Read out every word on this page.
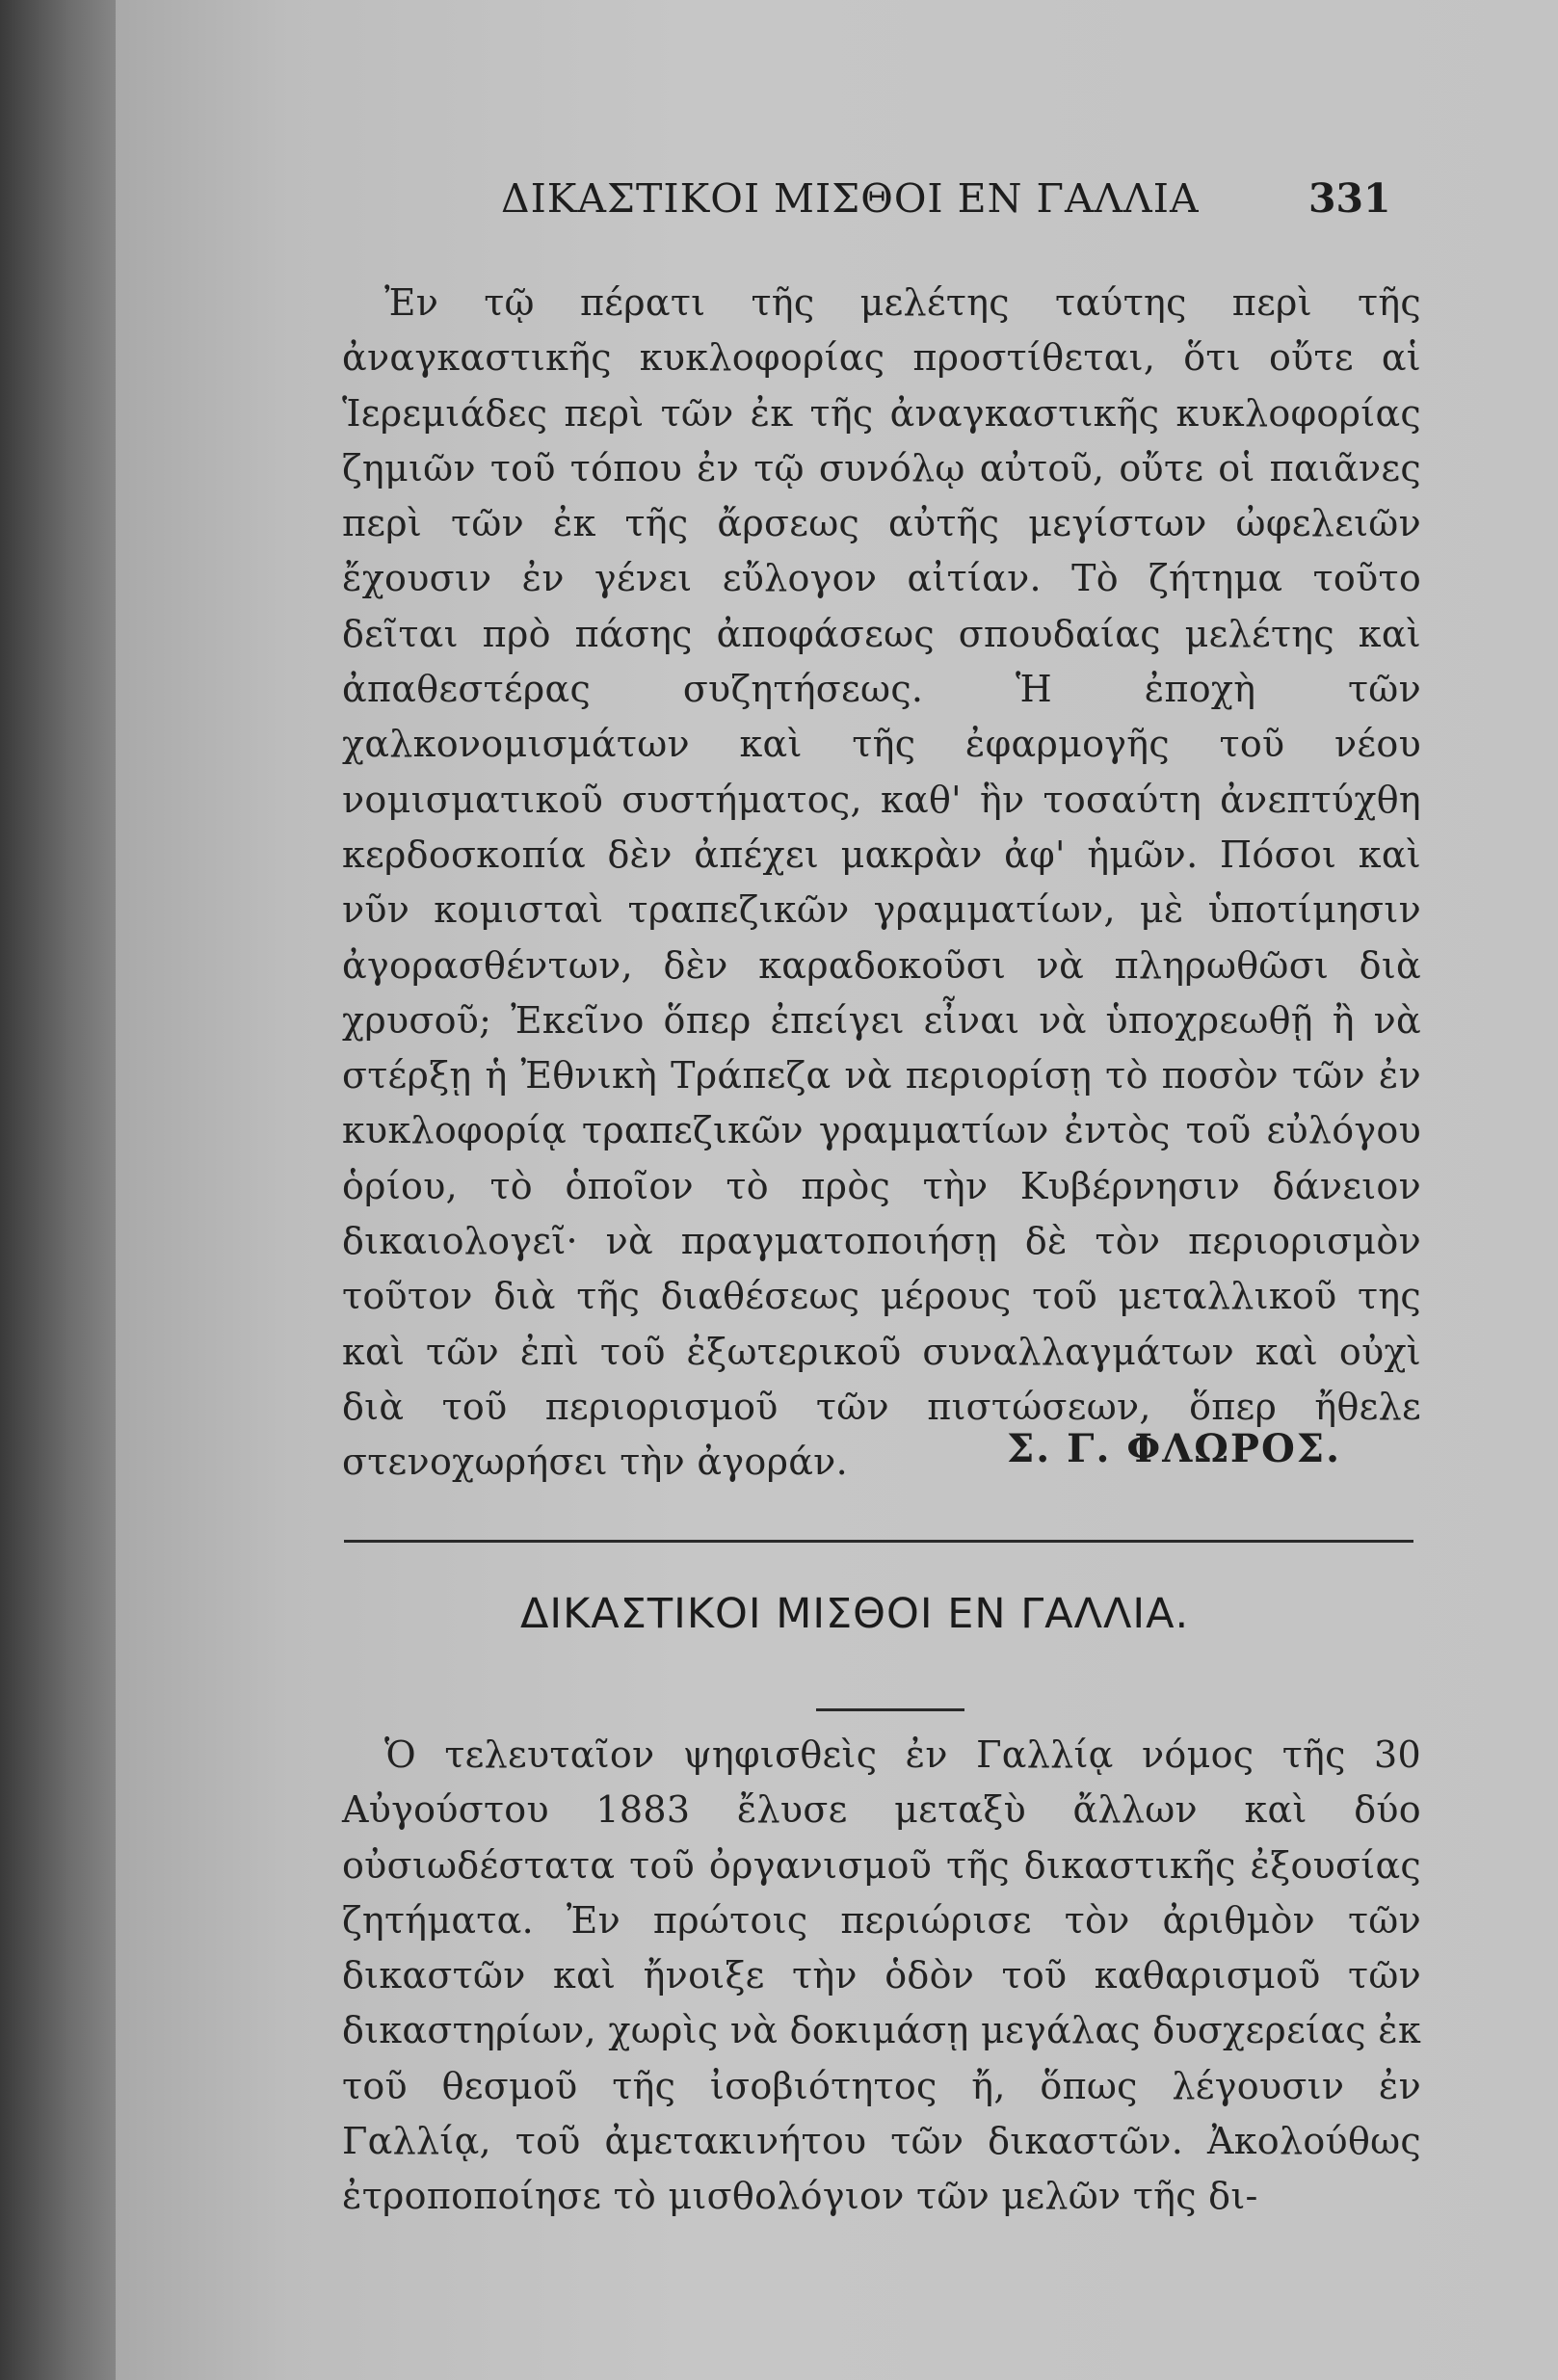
ΔΙΚΑΣΤΙΚΟΙ ΜΙΣΘΟΙ ΕΝ ΓΑΛΛΙΑ	331

Ἐν τῷ πέρατι τῆς μελέτης ταύτης περὶ τῆς ἀναγκαστικῆς κυκλοφορίας προστίθεται, ὅτι οὔτε αἱ Ἱερεμιάδες περὶ τῶν ἐκ τῆς ἀναγκαστικῆς κυκλοφορίας ζημιῶν τοῦ τόπου ἐν τῷ συνόλῳ αὐτοῦ, οὔτε οἱ παιᾶνες περὶ τῶν ἐκ τῆς ἄρσεως αὐτῆς μεγίστων ὠφελειῶν ἔχουσιν ἐν γένει εὔλογον αἰτίαν. Τὸ ζήτημα τοῦτο δεῖται πρὸ πάσης ἀποφάσεως σπουδαίας μελέτης καὶ ἀπαθεστέρας συζητήσεως. Ἡ ἐποχὴ τῶν χαλκονομισμάτων καὶ τῆς ἐφαρμογῆς τοῦ νέου νομισματικοῦ συστήματος, καθ' ἣν τοσαύτη ἀνεπτύχθη κερδοσκοπία δὲν ἀπέχει μακρὰν ἀφ' ἡμῶν. Πόσοι καὶ νῦν κομισταὶ τραπεζικῶν γραμματίων, μὲ ὑποτίμησιν ἀγορασθέντων, δὲν καραδοκοῦσι νὰ πληρωθῶσι διὰ χρυσοῦ; Ἐκεῖνο ὅπερ ἐπείγει εἶναι νὰ ὑποχρεωθῇ ἢ νὰ στέρξῃ ἡ Ἐθνικὴ Τράπεζα νὰ περιορίσῃ τὸ ποσὸν τῶν ἐν κυκλοφορίᾳ τραπεζικῶν γραμματίων ἐντὸς τοῦ εὐλόγου ὁρίου, τὸ ὁποῖον τὸ πρὸς τὴν Κυβέρνησιν δάνειον δικαιολογεῖ· νὰ πραγματοποιήσῃ δὲ τὸν περιορισμὸν τοῦτον διὰ τῆς διαθέσεως μέρους τοῦ μεταλλικοῦ της καὶ τῶν ἐπὶ τοῦ ἐξωτερικοῦ συναλλαγμάτων καὶ οὐχὶ διὰ τοῦ περιορισμοῦ τῶν πιστώσεων, ὅπερ ἤθελε στενοχωρήσει τὴν ἀγοράν.	Σ. Γ. ΦΛΩΡΟΣ.
ΔΙΚΑΣΤΙΚΟΙ ΜΙΣΘΟΙ ΕΝ ΓΑΛΛΙΑ.

Ὁ τελευταῖον ψηφισθεὶς ἐν Γαλλίᾳ νόμος τῆς 30 Αὐγούστου 1883 ἔλυσε μεταξὺ ἄλλων καὶ δύο οὐσιωδέστατα τοῦ ὀργανισμοῦ τῆς δικαστικῆς ἐξουσίας ζητήματα. Ἐν πρώτοις περιώρισε τὸν ἀριθμὸν τῶν δικαστῶν καὶ ἤνοιξε τὴν ὁδὸν τοῦ καθαρισμοῦ τῶν δικαστηρίων, χωρὶς νὰ δοκιμάσῃ μεγάλας δυσχερείας ἐκ τοῦ θεσμοῦ τῆς ἰσοβιότητος ἤ, ὅπως λέγουσιν ἐν Γαλλίᾳ, τοῦ ἀμετακινήτου τῶν δικαστῶν. Ἀκολούθως ἐτροποποίησε τὸ μισθολόγιον τῶν μελῶν τῆς δι-
